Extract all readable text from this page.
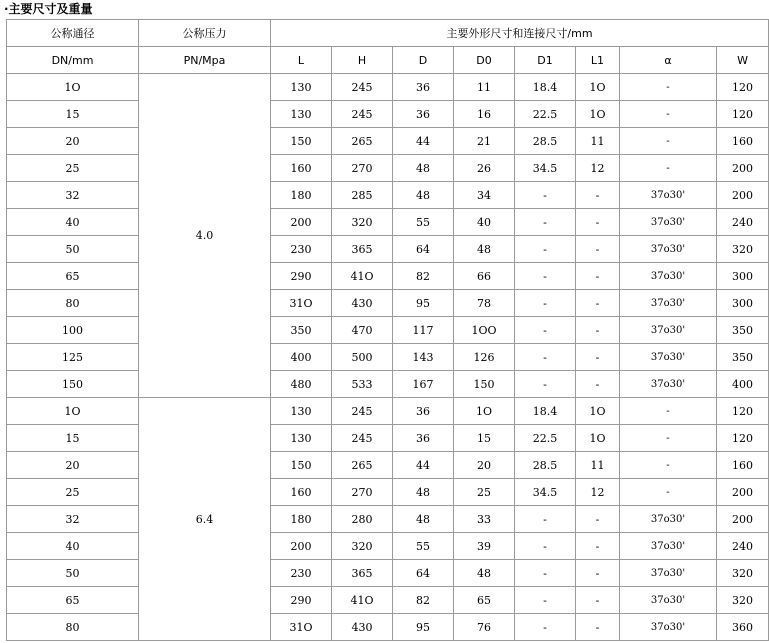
·主要尺寸及重量
公称通径	公称压力	主要外形尺寸和连接尺寸/mm							
DN/mm	PN/Mpa	L	H	D	D0	D1	L1	α	W
1O	4.0	130	245	36	11	18.4	1O	-	120
15		130	245	36	16	22.5	1O	-	120
20		150	265	44	21	28.5	11	-	160
25		160	270	48	26	34.5	12	-	200
32		180	285	48	34	-	-	37o30'	200
40		200	320	55	40	-	-	37o30'	240
50		230	365	64	48	-	-	37o30'	320
65		290	41O	82	66	-	-	37o30'	300
80		31O	430	95	78	-	-	37o30'	300
100		350	470	117	1OO	-	-	37o30'	350
125		400	500	143	126	-	-	37o30'	350
150		480	533	167	150	-	-	37o30'	400
1O	6.4	130	245	36	1O	18.4	1O	-	120
15		130	245	36	15	22.5	1O	-	120
20		150	265	44	20	28.5	11	-	160
25		160	270	48	25	34.5	12	-	200
32		180	280	48	33	-	-	37o30'	200
40		200	320	55	39	-	-	37o30'	240
50		230	365	64	48	-	-	37o30'	320
65		290	41O	82	65	-	-	37o30'	320
80		31O	430	95	76	-	-	37o30'	360
